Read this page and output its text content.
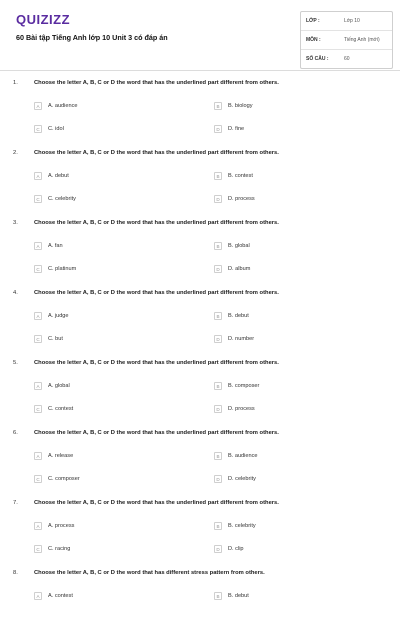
QUIZIZZ
60 Bài tập Tiếng Anh lớp 10 Unit 3 có đáp án
LỚP :	Lớp 10
MÔN :	Tiếng Anh (mới)
SỐ CÂU :	60
1.	Choose the letter A, B, C or D the word that has the underlined part different from others.
A	A. audience	B	B. biology
C	C. idol	D	D. fine
2.	Choose the letter A, B, C or D the word that has the underlined part different from others.
A	A. debut	B	B. contest
C	C. celebrity	D	D. process
3.	Choose the letter A, B, C or D the word that has the underlined part different from others.
A	A. fan	B	B. global
C	C. platinum	D	D. album
4.	Choose the letter A, B, C or D the word that has the underlined part different from others.
A	A. judge	B	B. debut
C	C. but	D	D. number
5.	Choose the letter A, B, C or D the word that has the underlined part different from others.
A	A. global	B	B. composer
C	C. contest	D	D. process
6.	Choose the letter A, B, C or D the word that has the underlined part different from others.
A	A. release	B	B. audience
C	C. composer	D	D. celebrity
7.	Choose the letter A, B, C or D the word that has the underlined part different from others.
A	A. process	B	B. celebrity
C	C. racing	D	D. clip
8.	Choose the letter A, B, C or D the word that has different stress pattern from others.
A	A. contest	B	B. debut
